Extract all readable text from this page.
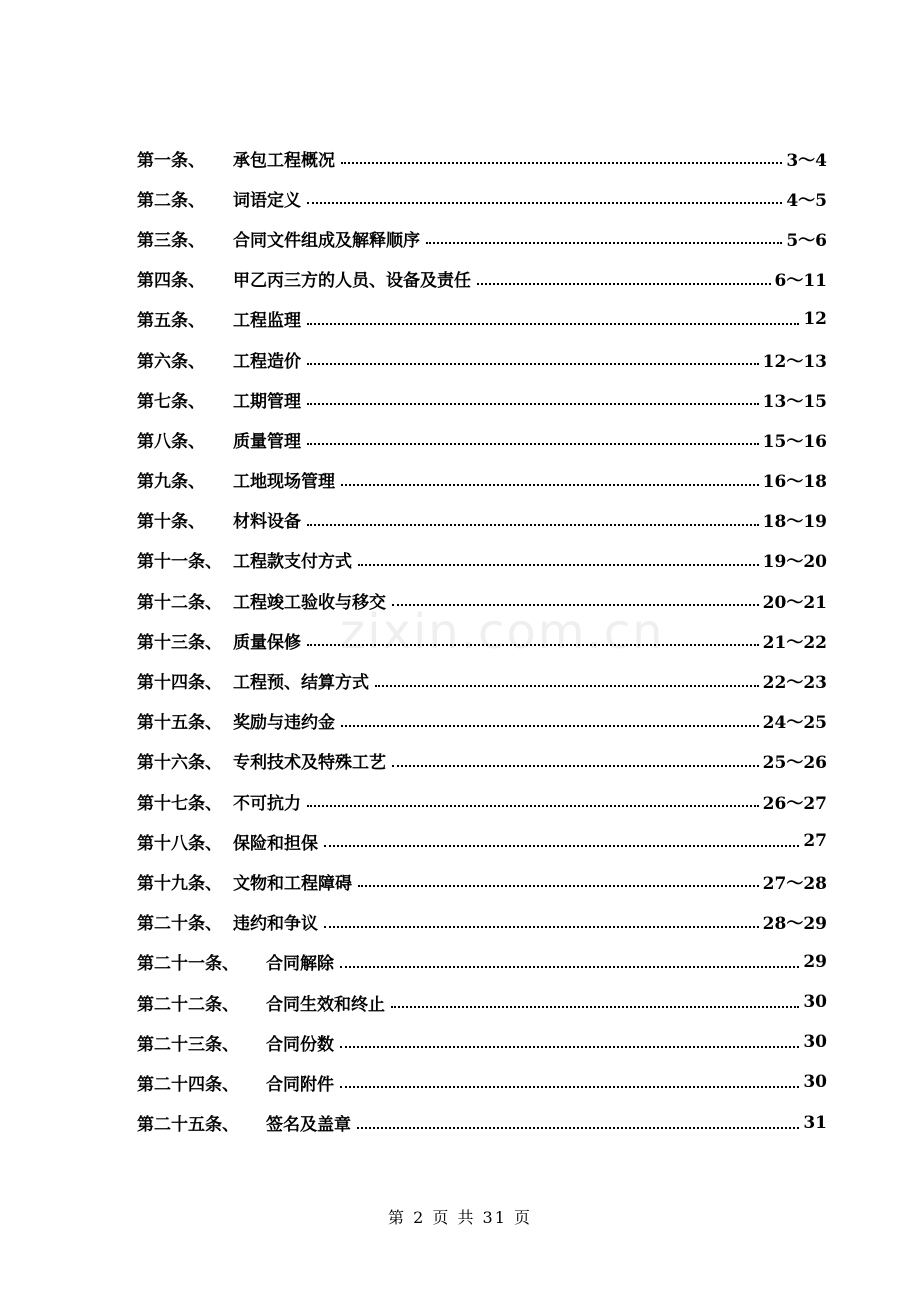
zixin.com.cn
第一条、	承包工程概况	3～4
第二条、	词语定义	4～5
第三条、	合同文件组成及解释顺序	5～6
第四条、	甲乙丙三方的人员、设备及责任	6～11
第五条、	工程监理	12
第六条、	工程造价	12～13
第七条、	工期管理	13～15
第八条、	质量管理	15～16
第九条、	工地现场管理	16～18
第十条、	材料设备	18～19
第十一条、 工程款支付方式	19～20
第十二条、 工程竣工验收与移交	20～21
第十三条、 质量保修	21～22
第十四条、 工程预、结算方式	22～23
第十五条、 奖励与违约金	24～25
第十六条、 专利技术及特殊工艺	25～26
第十七条、 不可抗力	26～27
第十八条、 保险和担保	27
第十九条、 文物和工程障碍	27～28
第二十条、 违约和争议	28～29
第二十一条、	合同解除	29
第二十二条、	合同生效和终止	30
第二十三条、	合同份数	30
第二十四条、	合同附件	30
第二十五条、	签名及盖章	31
第 2 页 共 31 页
